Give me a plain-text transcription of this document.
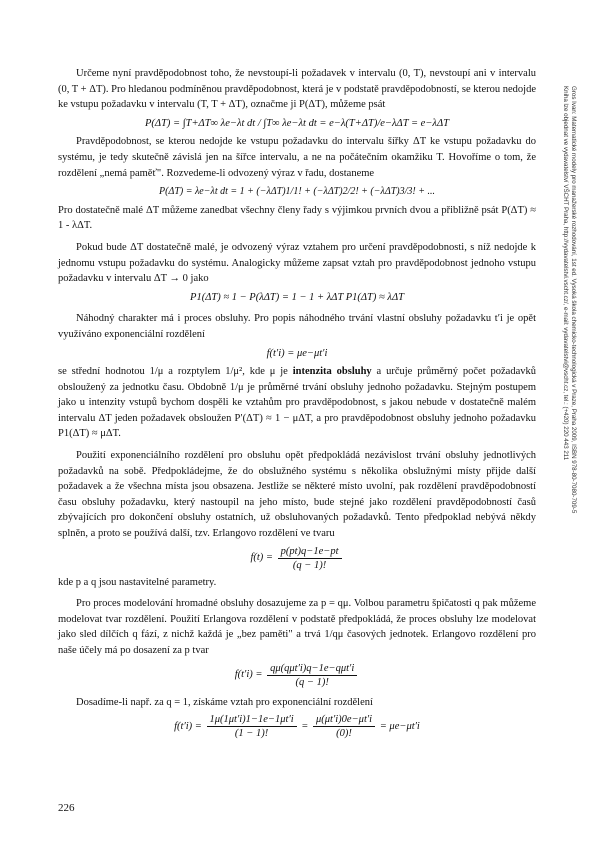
Gros Ivan: Matematické modely pro manažerské rozhodování, 1st ed. Vysoká škola chemicko-technologická v Praze, Praha 2009, ISBN 978-80-7080-709-5
Kniha lze objednat ve vydavatelství VŠCHT Praha, http://vydavatelstvi.vscht.cz/, e-mail: vydavatelstvi@vscht.cz, tel.: (+420) 220 443 211

Určeme nyní pravděpodobnost toho, že nevstoupí-li požadavek v intervalu (0, T), nevstoupí ani v intervalu (0, T + ΔT). Pro hledanou podmíněnou pravděpodobnost, která je v podstatě pravděpodobností, se kterou nedojde ke vstupu požadavku v intervalu (T, T + ΔT), označme ji P(ΔT), můžeme psát

P(ΔT) = ∫T+ΔT∞ λe−λt dt / ∫T∞ λe−λt dt = e−λ(T+ΔT)/e−λΔT = e−λΔT

Pravděpodobnost, se kterou nedojde ke vstupu požadavku do intervalu šířky ΔT ke vstupu požadavku do systému, je tedy skutečně závislá jen na šířce intervalu, a ne na počátečním okamžiku T. Hovoříme o tom, že rozdělení „nemá paměť". Rozvedeme-li odvozený výraz v řadu, dostaneme

P(ΔT) = λe−λt dt = 1 + (−λΔT)1/1! + (−λΔT)2/2! + (−λΔT)3/3! + ...

Pro dostatečně malé ΔT můžeme zanedbat všechny členy řady s výjimkou prvních dvou a přibližně psát P(ΔT) ≈ 1 - λΔT.

Pokud bude ΔT dostatečně malé, je odvozený výraz vztahem pro určení pravděpodobnosti, s níž nedojde k jednomu vstupu požadavku do systému. Analogicky můžeme zapsat vztah pro pravděpodobnost jednoho vstupu požadavku v intervalu ΔT → 0 jako

P1(ΔT) ≈ 1 − P(λΔT) = 1 − 1 + λΔT P1(ΔT) ≈ λΔT

Náhodný charakter má i proces obsluhy. Pro popis náhodného trvání vlastní obsluhy požadavku t′i je opět využíváno exponenciální rozdělení

f(t′i) = μe−μt′i

se střední hodnotou 1/μ a rozptylem 1/μ², kde μ je intenzita obsluhy a určuje průměrný počet požadavků obsloužený za jednotku času. Obdobně 1/μ je průměrné trvání obsluhy jednoho požadavku. Stejným postupem jako u intenzity vstupů bychom dospěli ke vztahům pro pravděpodobnost, s jakou nebude v dostatečně malém intervalu ΔT jeden požadavek obsloužen P′(ΔT) ≈ 1 − μΔT, a pro pravděpodobnost obsluhy jednoho požadavku P1(ΔT) ≈ μΔT.

Použití exponenciálního rozdělení pro obsluhu opět předpokládá nezávislost trvání obsluhy jednotlivých požadavků na sobě. Předpokládejme, že do obslužného systému s několika obslužnými místy přijde další požadavek a že všechna místa jsou obsazena. Jestliže se některé místo uvolní, pak rozdělení pravděpodobností času obsluhy požadavku, který nastoupil na jeho místo, bude stejné jako rozdělení pravděpodobností časů zbývajících pro dokončení obsluhy ostatních, už obsluhovaných požadavků. Tento předpoklad nebývá někdy splněn, a proto se používá další, tzv. Erlangovo rozdělení ve tvaru

$f(t) = \frac{p(pt)q-1e-pt}{(q - 1)!}$

kde p a q jsou nastavitelné parametry.

Pro proces modelování hromadné obsluhy dosazujeme za p = qμ. Volbou parametru špičatosti q pak můžeme modelovat tvar rozdělení. Použití Erlangova rozdělení v podstatě předpokládá, že proces obsluhy lze modelovat jako sled dílčích q fází, z nichž každá je „bez paměti" a trvá 1/qμ časových jednotek. Erlangovo rozdělení pro naše účely má po dosazení za p tvar

$f(t'i) = \frac{\text{qμ(qμt′i)q−1e−qμt′i}}{(q - 1)!}$

Dosadíme-li např. za q = 1, získáme vztah pro exponenciální rozdělení

$f(t'i) = \frac{1\mu(1\mu t'i)1-1e-1\mu t'i}{(1 - 1)!} = \frac{\mu(\mu t'i)0e-\mu t'i}{(0)!} = \mu e-\mu t'i$
226
